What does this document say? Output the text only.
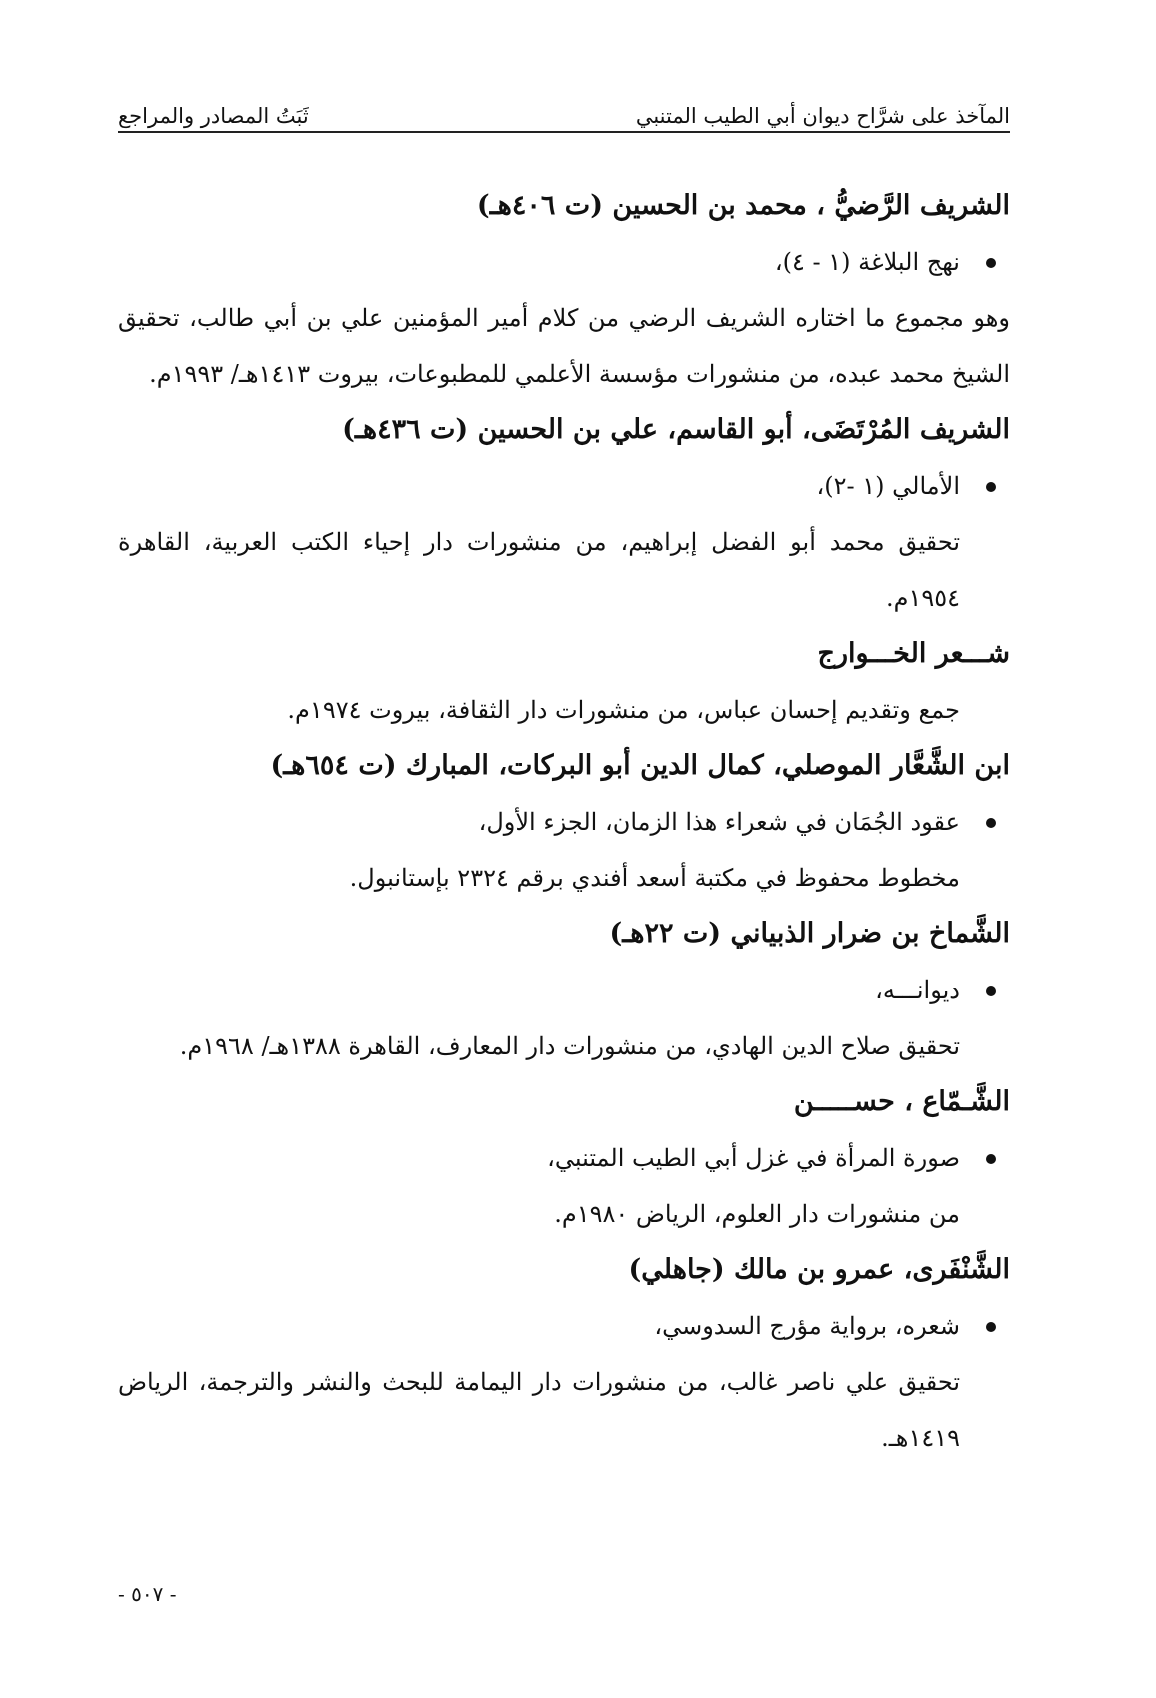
المآخذ على شرَّاح ديوان أبي الطيب المتنبي
ثَبَتُ المصادر والمراجع
الشريف الرَّضيُّ ، محمد بن الحسين (ت ٤٠٦هـ)
نهج البلاغة (١ - ٤)،
وهو مجموع ما اختاره الشريف الرضي من كلام أمير المؤمنين علي بن أبي طالب، تحقيق الشيخ محمد عبده، من منشورات مؤسسة الأعلمي للمطبوعات، بيروت ١٤١٣هـ/ ١٩٩٣م.
الشريف المُرْتَضَى، أبو القاسم، علي بن الحسين (ت ٤٣٦هـ)
الأمالي (١ -٢)،
تحقيق محمد أبو الفضل إبراهيم، من منشورات دار إحياء الكتب العربية، القاهرة ١٩٥٤م.
شـــعر الخـــوارج
جمع وتقديم إحسان عباس، من منشورات دار الثقافة، بيروت ١٩٧٤م.
ابن الشَّعَّار الموصلي، كمال الدين أبو البركات، المبارك (ت ٦٥٤هـ)
عقود الجُمَان في شعراء هذا الزمان، الجزء الأول،
مخطوط محفوظ في مكتبة أسعد أفندي برقم ٢٣٢٤ بإستانبول.
الشَّماخ بن ضرار الذبياني (ت ٢٢هـ)
ديوانـــه،
تحقيق صلاح الدين الهادي، من منشورات دار المعارف، القاهرة ١٣٨٨هـ/ ١٩٦٨م.
الشَّـمّاع ، حســـــن
صورة المرأة في غزل أبي الطيب المتنبي،
من منشورات دار العلوم، الرياض ١٩٨٠م.
الشَّنْفَرى، عمرو بن مالك (جاهلي)
شعره، برواية مؤرج السدوسي،
تحقيق علي ناصر غالب، من منشورات دار اليمامة للبحث والنشر والترجمة، الرياض ١٤١٩هـ.
- ٥٠٧ -
